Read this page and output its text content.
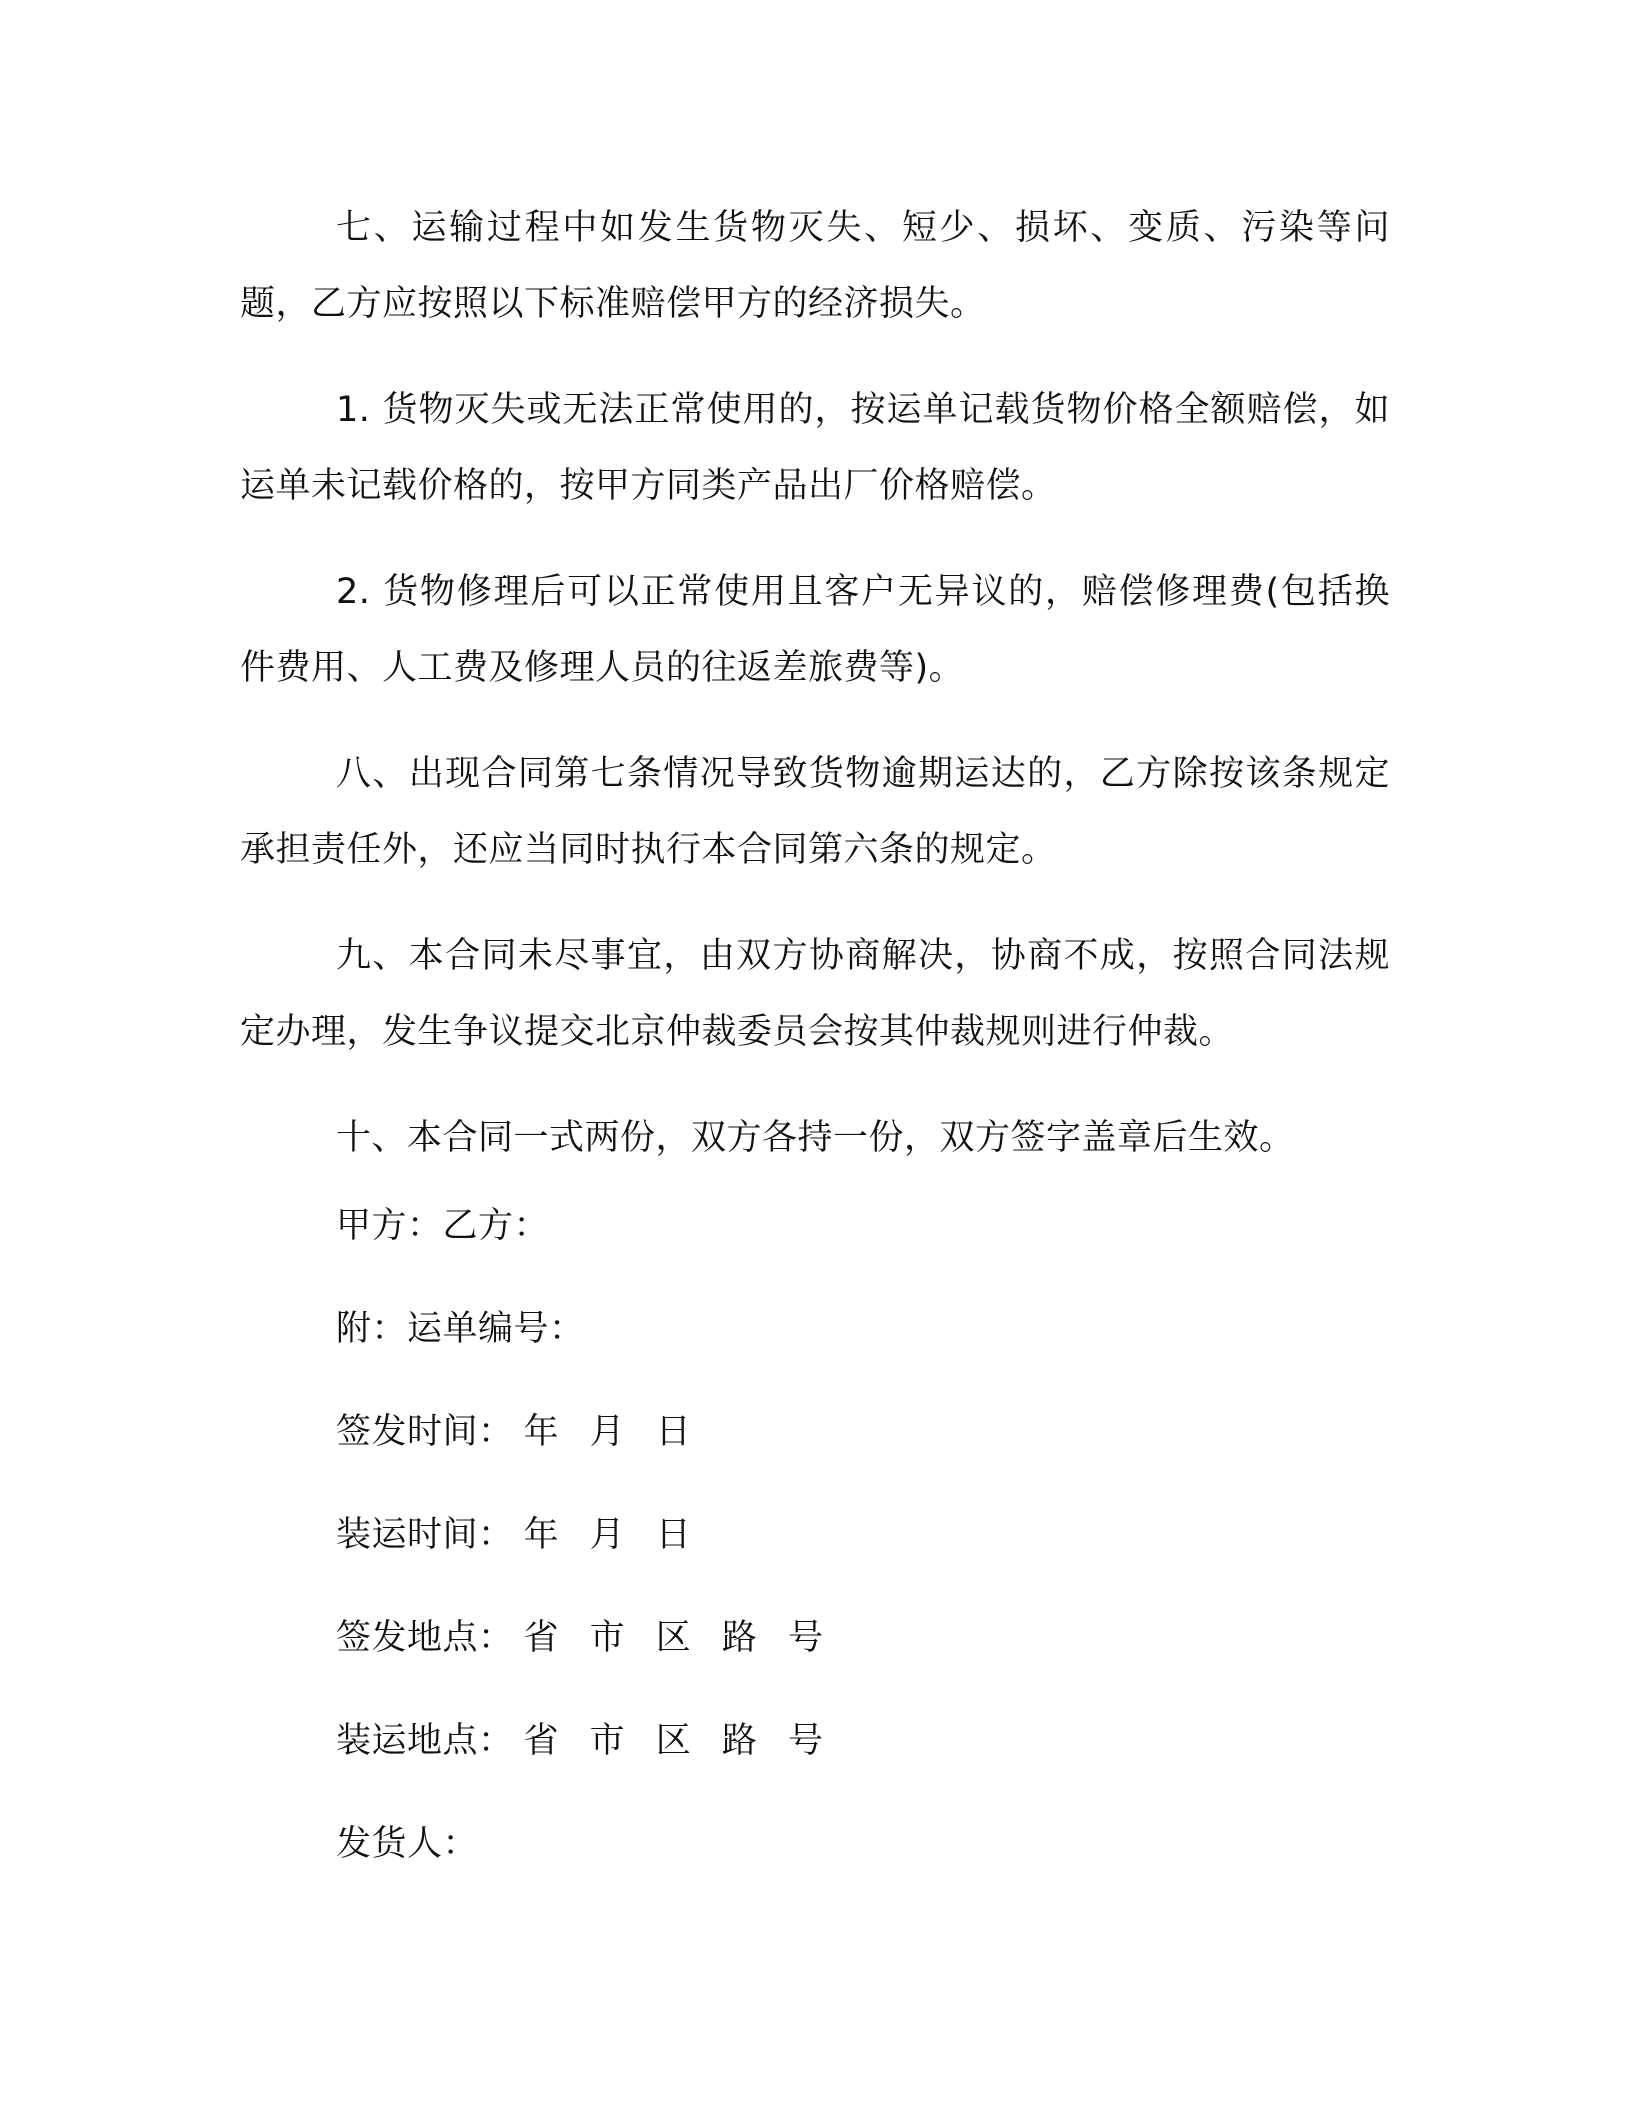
七、运输过程中如发生货物灭失、短少、损坏、变质、污染等问题，乙方应按照以下标准赔偿甲方的经济损失。

1. 货物灭失或无法正常使用的，按运单记载货物价格全额赔偿，如运单未记载价格的，按甲方同类产品出厂价格赔偿。

2. 货物修理后可以正常使用且客户无异议的，赔偿修理费(包括换件费用、人工费及修理人员的往返差旅费等)。

八、出现合同第七条情况导致货物逾期运达的，乙方除按该条规定承担责任外，还应当同时执行本合同第六条的规定。

九、本合同未尽事宜，由双方协商解决，协商不成，按照合同法规定办理，发生争议提交北京仲裁委员会按其仲裁规则进行仲裁。

十、本合同一式两份，双方各持一份，双方签字盖章后生效。

甲方：乙方：
附：运单编号：
签发时间： 年 月 日
装运时间： 年 月 日
签发地点： 省 市 区 路 号
装运地点： 省 市 区 路 号
发货人：
